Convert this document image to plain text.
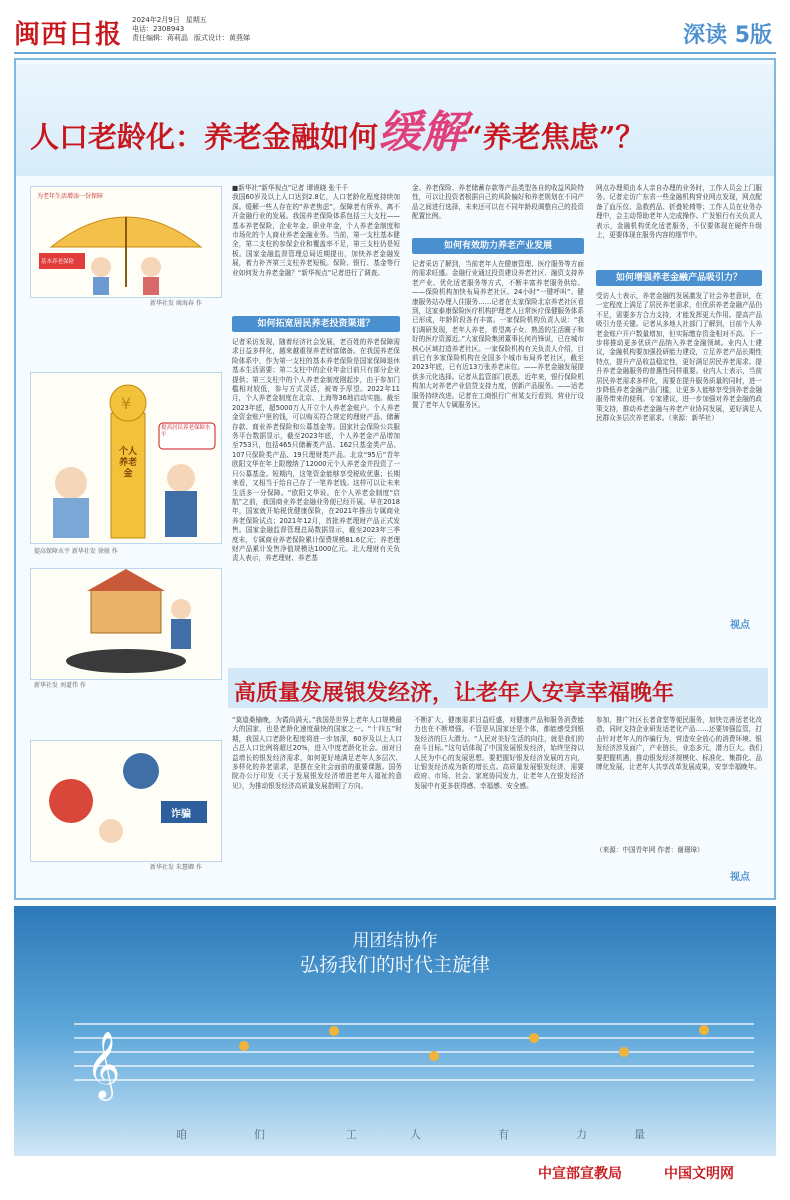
闽西日报 2024年2月9日 星期五
电话：2308943
责任编辑：蒋莉晶 版式设计：黄燕娣	深读 5版
人口老龄化：养老金融如何缓解“养老焦虑”？
为老年生活增添一份保障
基本养老保险
新华社发 商海春 作
¥
个人养老金
提高居民养老保障水平
提高保障水平 新华社发 徐骏 作
新华社发 刘道伟 作
诈骗
新华社发 朱慧卿 作
■新华社“新华视点”记者 谭谟晓 张千千
我国60岁及以上人口达到2.8亿，人口老龄化程度持续加深。缓解一些人存在的“养老焦虑”，保障老有所养，离不开金融行业的发展。我国养老保险体系包括三大支柱——基本养老保险，企业年金、职业年金，个人养老金制度和市场化的个人商业养老金融业务。当前，第一支柱基本健全，第二支柱的参保企业和覆盖率不足，第三支柱仍是短板。国家金融监督管理总局近期提出，加快养老金融发展，着力补齐第三支柱养老短板。保险、银行、基金等行业如何发力养老金融？“新华视点”记者进行了调查。
如何拓宽居民养老投资渠道？
记者采访发现，随着经济社会发展，老百姓的养老保障需求日益多样化，越来越重视养老财富储备。在我国养老保险体系中，作为第一支柱的基本养老保险是国家保障退休基本生活需要；第二支柱中的企业年金目前只有部分企业提供；第三支柱中的个人养老金制度刚起步，由于参加门槛相对较低，参与方式灵活，被寄予厚望。2022年11月，个人养老金制度在北京、上海等36地启动实施。截至2023年底，超5000万人开立个人养老金账户。个人养老金资金账户里的钱，可以购买符合规定的理财产品、储蓄存款、商业养老保险和公募基金等。国家社会保险公共服务平台数据显示，截至2023年底，个人养老金产品增加至753只，包括465只储蓄类产品、162只基金类产品、107只保险类产品、19只理财类产品。北京“95后”青年欧阳文华在年上限缴纳了12000元个人养老金并投资了一只公募基金。短期内，这笔资金能够享受税收优惠；长期来看，又相当于给自己存了一笔养老钱。这样可以让未来生活多一分保障。“欧阳文华说。在个人养老金制度“启航”之前，我国商业养老金融业务便已经开展。早在2018年，国家就开始税优健康保险，在2021年推出专属商业养老保险试点；2021年12月，首批养老理财产品正式发售。国家金融监督管理总局数据显示，截至2023年三季度末，专属商业养老保险累计保费规模81.6亿元；养老理财产品累计发售净值规模达1000亿元。北大理财有关负责人表示，养老理财、养老基
金、养老保险、养老储蓄存款等产品类型各自的收益风险特性，可以让投资者根据自己的风险偏好和养老规划在不同产品之间进行选择，未来还可以在不同年龄段调整自己的投资配置比例。
如何有效助力养老产业发展
记者采访了解到，当前老年人在健康管理、医疗服务等方面的需求旺盛。金融行业通过投资建设养老社区、融资支持养老产业、优化适老服务等方式，不断丰富养老服务供给。——保险机构加快布局养老社区。24小时“一键呼叫”、健康服务站办理入住服务……记者在太家保险北京养老社区看到，这家泰康保险医疗机构护理老人日常医疗保健服务体系已形成，年龄阶段各有丰富。一家保险机构负责人说：“我们调研发现，老年人养老，希望离子女、熟悉的生活圈子和好的医疗资源近。”大家保险集团董事长何肖锋说，已在城市核心区域打造养老社区。一家保险机构有关负责人介绍，目前已有多家保险机构在全国多个城市布局养老社区，截至2023年底，已有近13万张养老床位。——养老金融发展提供多元化选择。记者从监管部门获悉，近年来，银行保险机构加大对养老产业信贷支持力度，创新产品服务。——适老服务持续改进。记者在工商银行广州某支行看到，营业厅设置了老年人专属服务区。
网点办理须由本人亲自办理的业务时，工作人员会上门服务。记者走访广东省一些金融机构营业网点发现，网点配备了血压仪、急救药品、折叠轮椅等；工作人员在业务办理中，会主动帮助老年人完成操作。广发银行有关负责人表示，金融机构优化适老服务，不仅要体现在硬件升级上，更要体现在服务内容的细节中。
如何增强养老金融产品吸引力？
受访人士表示，养老金融的发展激发了社会养老意识，在一定程度上满足了居民养老需求，但优质养老金融产品仍不足，需要多方合力支持，才能发挥更大作用。提高产品吸引力是关键。记者从多地人社部门了解到，目前个人养老金账户开户数量增加，但实际缴存资金相对不高。下一步将推动更多优质产品纳入养老金融领域。业内人士建议，金融机构要加强投研能力建设，立足养老产品长期性特点，提升产品收益稳定性，更好满足居民养老需求。提升养老金融服务的普惠性同样重要。业内人士表示，当前居民养老需求多样化，需要在提升服务质量的同时，进一步降低养老金融产品门槛，让更多人能够享受到养老金融服务带来的便利。专家建议，进一步加强对养老金融的政策支持，推动养老金融与养老产业协同发展，更好满足人民群众多层次养老需求。（来源：新华社）
视点
高质量发展银发经济，让老年人安享幸福晚年
“莫道桑榆晚，为霞尚满天。”我国是世界上老年人口规模最大的国家，也是老龄化速度最快的国家之一。“十四五”时期，我国人口老龄化程度将进一步加深，60岁及以上人口占总人口比例将超过20%，进入中度老龄化社会。面对日益增长的银发经济需求，如何更好地满足老年人多层次、多样化的养老需求，是摆在全社会面前的重要课题。国务院办公厅印发《关于发展银发经济增进老年人福祉的意见》，为推动银发经济高质量发展指明了方向。
不断扩大，健康需求日益旺盛，对健康产品和服务消费能力也在不断增强。不管是从国家还是个体，都能感受到银发经济的巨大潜力。“人民对美好生活的向往，就是我们的奋斗目标。”这句话体现了中国发展银发经济，始终坚持以人民为中心的发展思想。要把握好银发经济发展的方向，让银发经济成为新的增长点。高质量发展银发经济，需要政府、市场、社会、家庭协同发力，让老年人在银发经济发展中有更多获得感、幸福感、安全感。
参加，推广社区长者食堂等便民服务，加快完善适老化改造，同时支持企业研发适老化产品……还要加强监管，打击针对老年人的诈骗行为，营造安全放心的消费环境。银发经济涉及面广，产业链长，业态多元，潜力巨大。我们要把握机遇，推动银发经济规模化、标准化、集群化、品牌化发展，让老年人共享改革发展成果，安享幸福晚年。
（来源：中国青年网 作者：谢璟璋）
视点
用团结协作
弘扬我们的时代主旋律
𝄞
咱	们	工	人	有	力	量
中宣部宣教局	中国文明网
